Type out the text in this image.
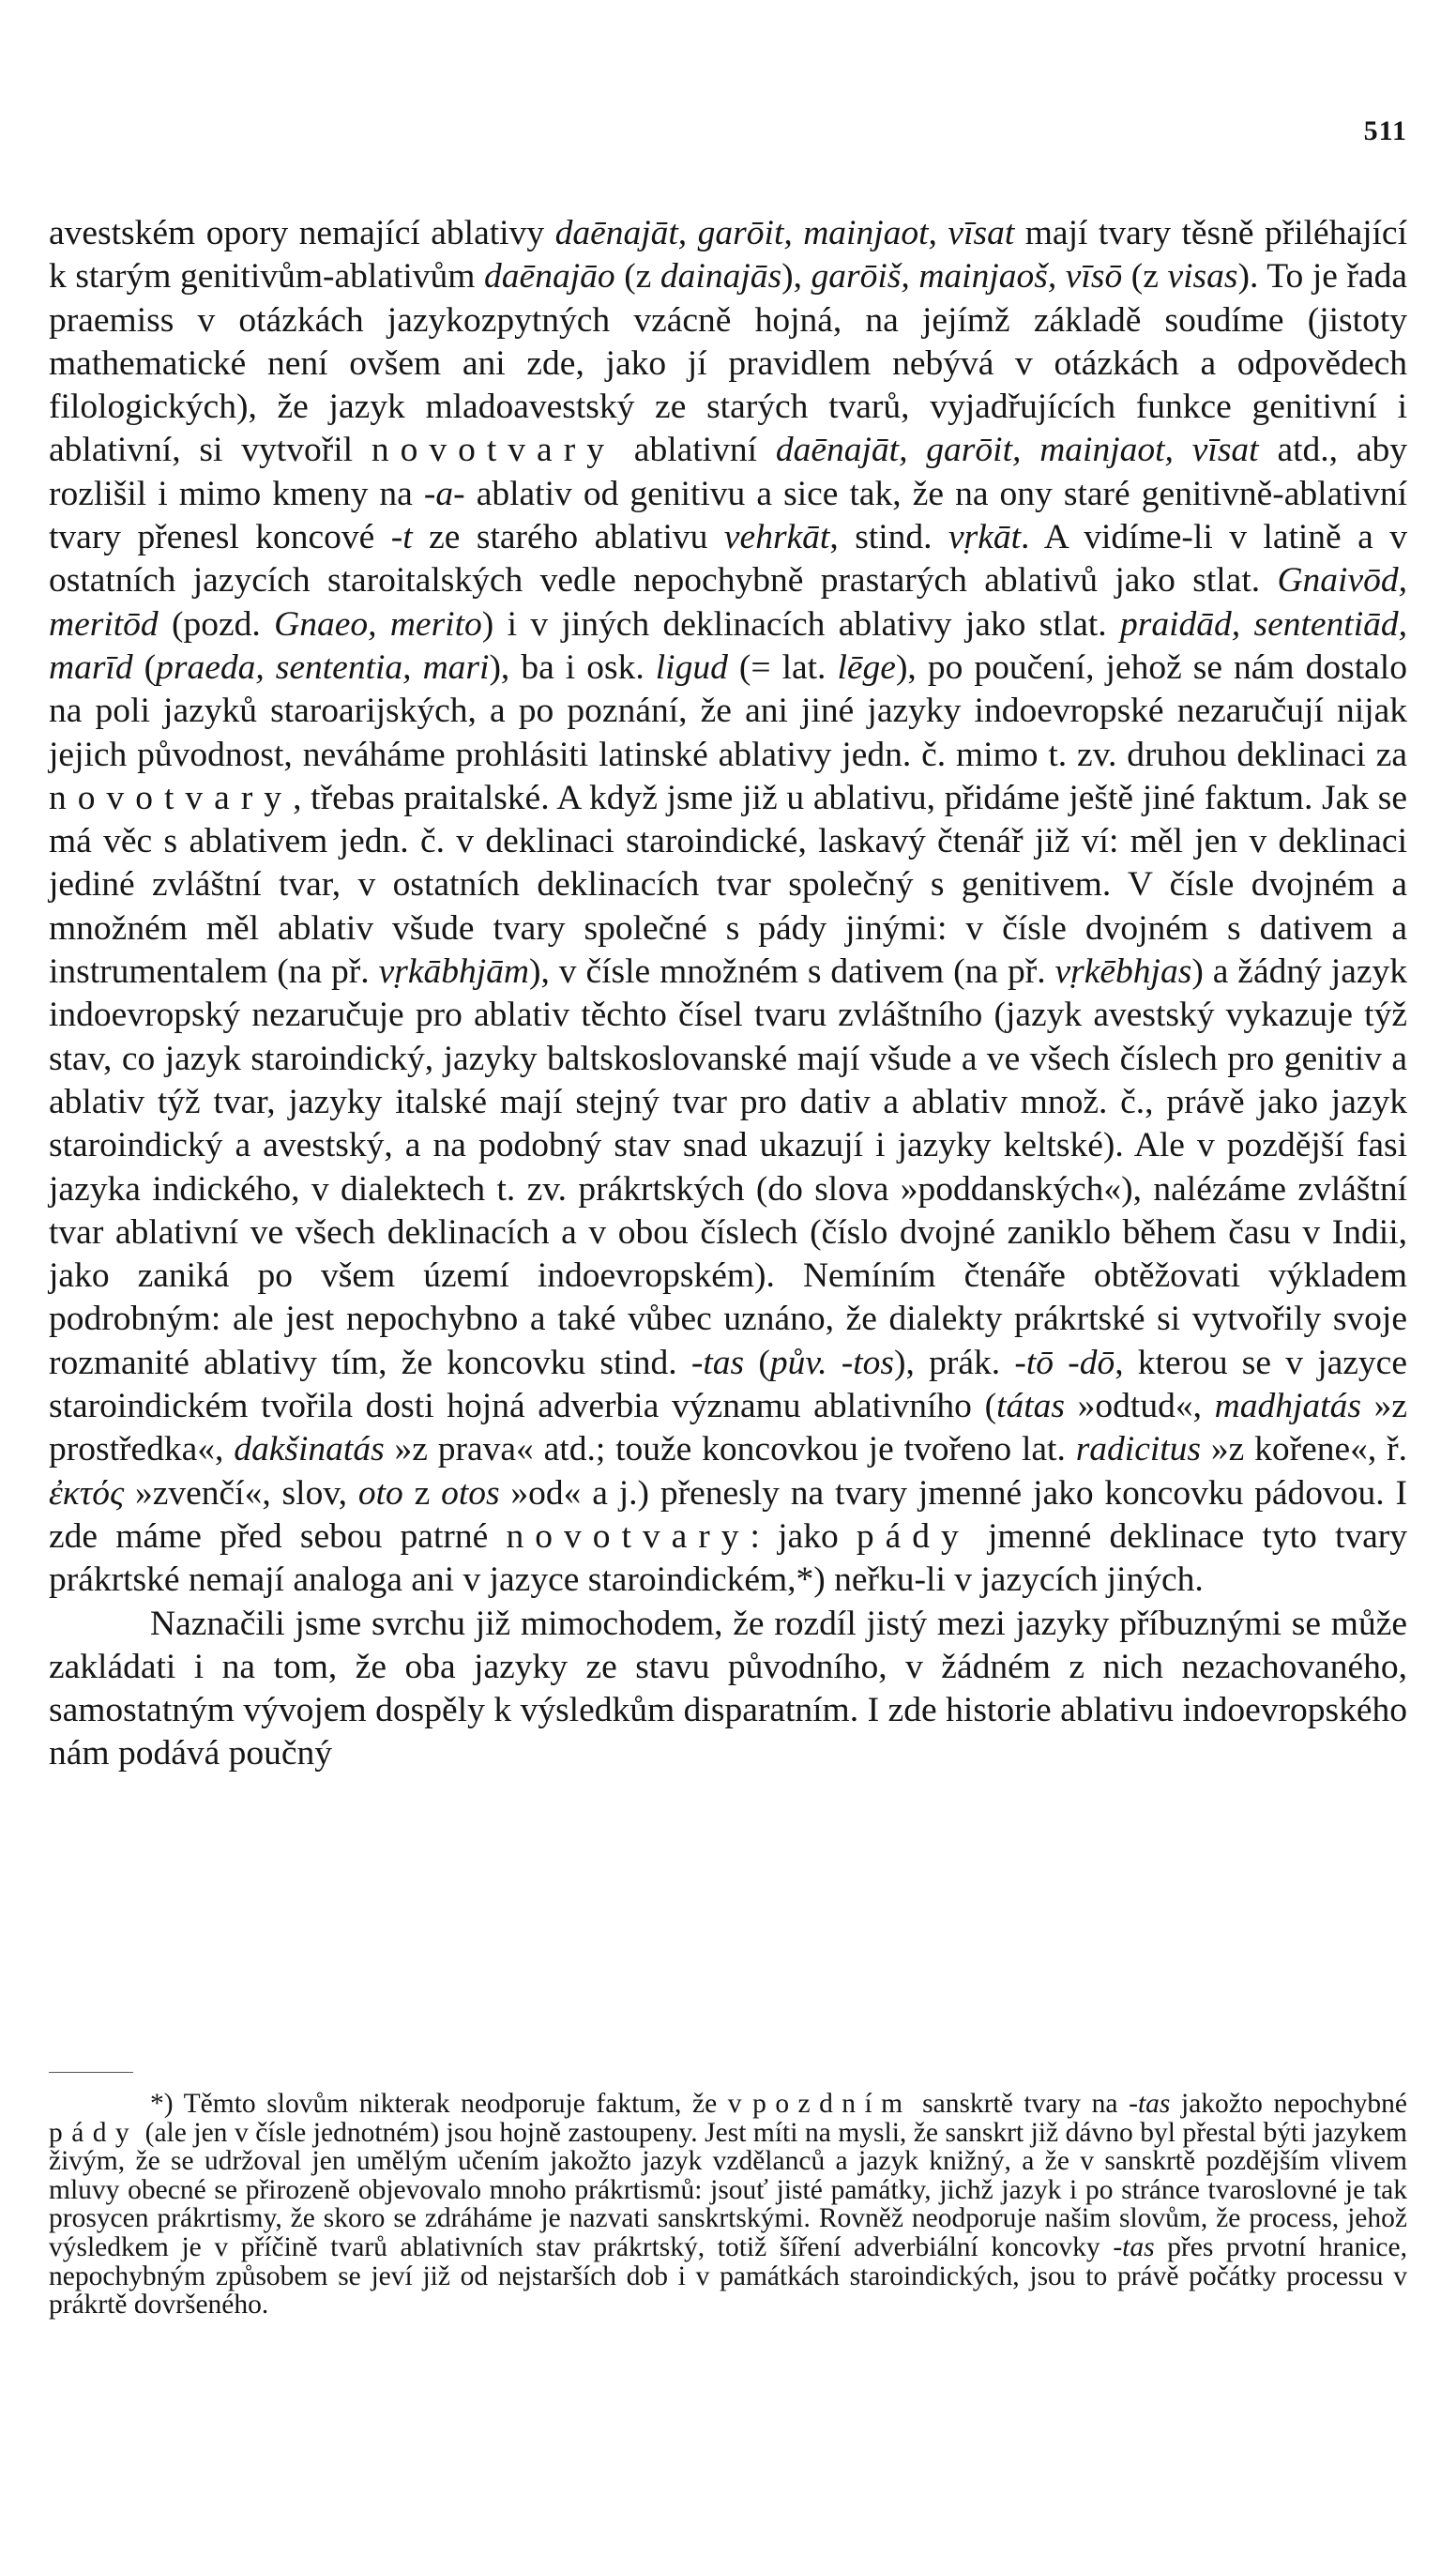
511

avestském opory nemající ablativy daēnajāt, garōit, mainjaot, vīsat mají tvary těsně přiléhající k starým genitivům-ablativům daēnajāo (z dainajās), garōiš, mainjaoš, vīsō (z visas). To je řada praemiss v otázkách jazykozpytných vzácně hojná, na jejímž základě soudíme (jistoty mathematické není ovšem ani zde, jako jí pravidlem nebývá v otázkách a odpovědech filologických), že jazyk mladoavestský ze starých tvarů, vyjadřujících funkce genitivní i ablativní, si vytvořil novotvary ablativní daēnajāt, garōit, mainjaot, vīsat atd., aby rozlišil i mimo kmeny na -a- ablativ od genitivu a sice tak, že na ony staré genitivně-ablativní tvary přenesl koncové -t ze starého ablativu vehrkāt, stind. vṛkāt. A vidíme-li v latině a v ostatních jazycích staroitalských vedle nepochybně prastarých ablativů jako stlat. Gnaivōd, meritōd (pozd. Gnaeo, merito) i v jiných deklinacích ablativy jako stlat. praidād, sententiād, marīd (praeda, sententia, mari), ba i osk. ligud (= lat. lēge), po poučení, jehož se nám dostalo na poli jazyků staroarijských, a po poznání, že ani jiné jazyky indoevropské nezaručují nijak jejich původnost, neváháme prohlásiti latinské ablativy jedn. č. mimo t. zv. druhou deklinaci za novotvary, třebas praitalské. A když jsme již u ablativu, přidáme ještě jiné faktum. Jak se má věc s ablativem jedn. č. v deklinaci staroindické, laskavý čtenář již ví: měl jen v deklinaci jediné zvláštní tvar, v ostatních deklinacích tvar společný s genitivem. V čísle dvojném a množném měl ablativ všude tvary společné s pády jinými: v čísle dvojném s dativem a instrumentalem (na př. vṛkābhjām), v čísle množném s dativem (na př. vṛkēbhjas) a žádný jazyk indoevropský nezaručuje pro ablativ těchto čísel tvaru zvláštního (jazyk avestský vykazuje týž stav, co jazyk staroindický, jazyky baltskoslovanské mají všude a ve všech číslech pro genitiv a ablativ týž tvar, jazyky italské mají stejný tvar pro dativ a ablativ množ. č., právě jako jazyk staroindický a avestský, a na podobný stav snad ukazují i jazyky keltské). Ale v pozdější fasi jazyka indického, v dialektech t. zv. prákrtských (do slova »poddanských«), nalézáme zvláštní tvar ablativní ve všech deklinacích a v obou číslech (číslo dvojné zaniklo během času v Indii, jako zaniká po všem území indoevropském). Nemíním čtenáře obtěžovati výkladem podrobným: ale jest nepochybno a také vůbec uznáno, že dialekty prákrtské si vytvořily svoje rozmanité ablativy tím, že koncovku stind. -tas (pův. -tos), prák. -tō -dō, kterou se v jazyce staroindickém tvořila dosti hojná adverbia významu ablativního (tátas »odtud«, madhjatás »z prostředka«, dakšinatás »z prava« atd.; touže koncovkou je tvořeno lat. radicitus »z kořene«, ř. ἐκτός »zvenčí«, slov, oto z otos »od« a j.) přenesly na tvary jmenné jako koncovku pádovou. I zde máme před sebou patrné novotvary: jako pády jmenné deklinace tyto tvary prákrtské nemají analoga ani v jazyce staroindickém,*) neřku-li v jazycích jiných.

Naznačili jsme svrchu již mimochodem, že rozdíl jistý mezi jazyky příbuznými se může zakládati i na tom, že oba jazyky ze stavu původního, v žádném z nich nezachovaného, samostatným vývojem dospěly k výsledkům disparatním. I zde historie ablativu indoevropského nám podává poučný

*) Těmto slovům nikterak neodporuje faktum, že v pozdním sanskrtě tvary na -tas jakožto nepochybné pády (ale jen v čísle jednotném) jsou hojně zastoupeny. Jest míti na mysli, že sanskrt již dávno byl přestal býti jazykem živým, že se udržoval jen umělým učením jakožto jazyk vzdělanců a jazyk knižný, a že v sanskrtě pozdějším vlivem mluvy obecné se přirozeně objevovalo mnoho prákrtismů: jsouť jisté památky, jichž jazyk i po stránce tvaroslovné je tak prosycen prákrtismy, že skoro se zdráháme je nazvati sanskrtskými. Rovněž neodporuje našim slovům, že process, jehož výsledkem je v příčině tvarů ablativních stav prákrtský, totiž šíření adverbiální koncovky -tas přes prvotní hranice, nepochybným způsobem se jeví již od nejstarších dob i v památkách staroindických, jsou to právě počátky processu v prákrtě dovršeného.
